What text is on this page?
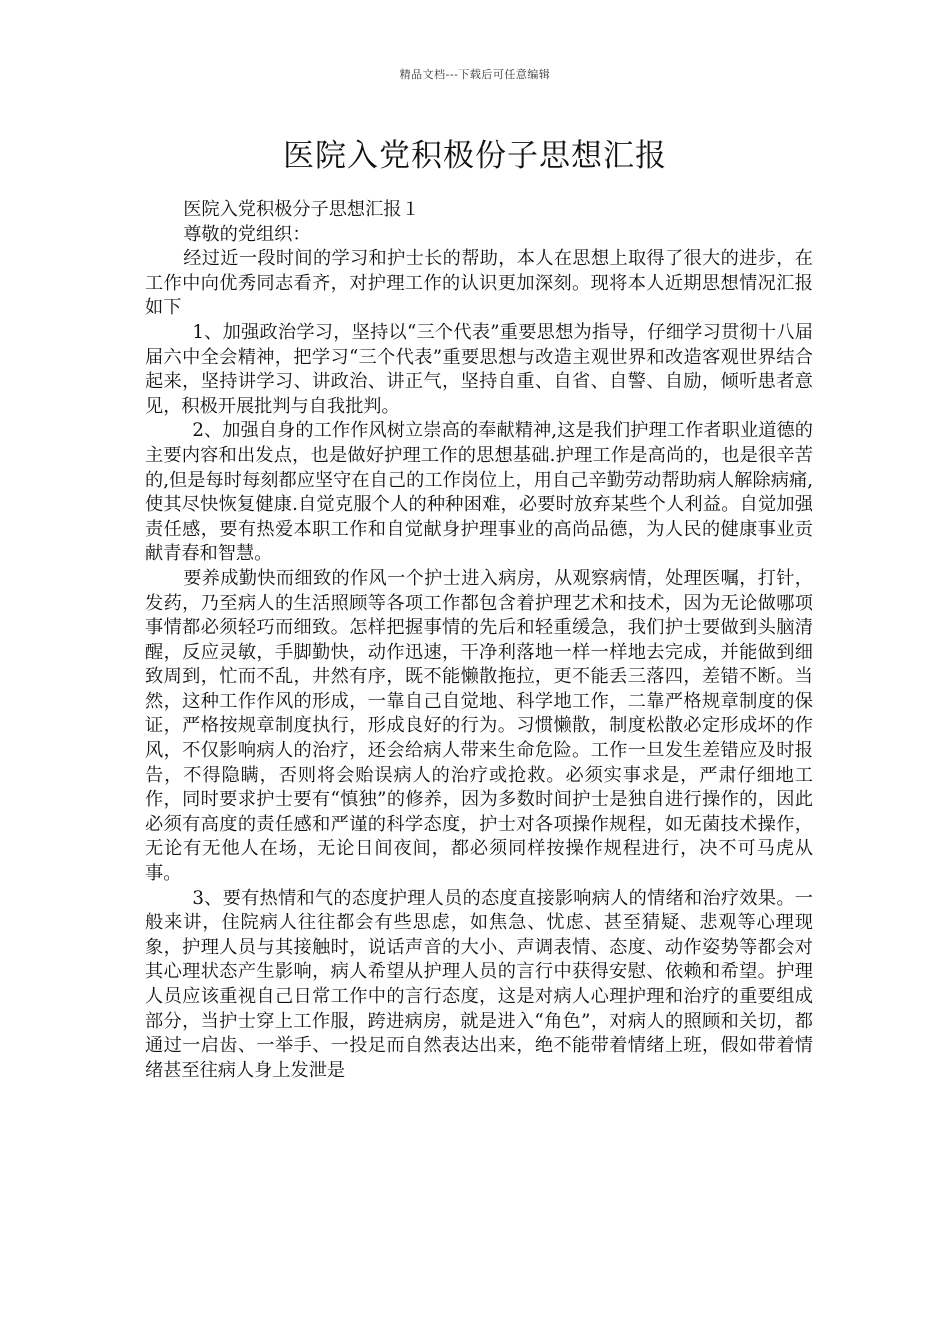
精品文档---下载后可任意编辑
医院入党积极份子思想汇报

医院入党积极分子思想汇报１

尊敬的党组织：

经过近一段时间的学习和护士长的帮助，本人在思想上取得了很大的进步，在工作中向优秀同志看齐，对护理工作的认识更加深刻。现将本人近期思想情况汇报如下

1、加强政治学习，坚持以“三个代表”重要思想为指导，仔细学习贯彻十八届届六中全会精神，把学习“三个代表”重要思想与改造主观世界和改造客观世界结合起来，坚持讲学习、讲政治、讲正气，坚持自重、自省、自警、自励，倾听患者意见，积极开展批判与自我批判。

2、加强自身的工作作风树立崇高的奉献精神,这是我们护理工作者职业道德的主要内容和出发点，也是做好护理工作的思想基础.护理工作是高尚的，也是很辛苦的,但是每时每刻都应坚守在自己的工作岗位上，用自己辛勤劳动帮助病人解除病痛,使其尽快恢复健康.自觉克服个人的种种困难，必要时放弃某些个人利益。自觉加强责任感，要有热爱本职工作和自觉献身护理事业的高尚品德，为人民的健康事业贡献青春和智慧。

要养成勤快而细致的作风一个护士进入病房，从观察病情，处理医嘱，打针，发药，乃至病人的生活照顾等各项工作都包含着护理艺术和技术，因为无论做哪项事情都必须轻巧而细致。怎样把握事情的先后和轻重缓急，我们护士要做到头脑清醒，反应灵敏，手脚勤快，动作迅速，干净利落地一样一样地去完成，并能做到细致周到，忙而不乱，井然有序，既不能懒散拖拉，更不能丢三落四，差错不断。当然，这种工作作风的形成，一靠自己自觉地、科学地工作，二靠严格规章制度的保证，严格按规章制度执行，形成良好的行为。习惯懒散，制度松散必定形成坏的作风，不仅影响病人的治疗，还会给病人带来生命危险。工作一旦发生差错应及时报告，不得隐瞒，否则将会贻误病人的治疗或抢救。必须实事求是，严肃仔细地工作，同时要求护士要有“慎独”的修养，因为多数时间护士是独自进行操作的，因此必须有高度的责任感和严谨的科学态度，护士对各项操作规程，如无菌技术操作，无论有无他人在场，无论日间夜间，都必须同样按操作规程进行，决不可马虎从事。

3、要有热情和气的态度护理人员的态度直接影响病人的情绪和治疗效果。一般来讲，住院病人往往都会有些思虑，如焦急、忧虑、甚至猜疑、悲观等心理现象，护理人员与其接触时，说话声音的大小、声调表情、态度、动作姿势等都会对其心理状态产生影响，病人希望从护理人员的言行中获得安慰、依赖和希望。护理人员应该重视自己日常工作中的言行态度，这是对病人心理护理和治疗的重要组成部分，当护士穿上工作服，跨进病房，就是进入“角色”，对病人的照顾和关切，都通过一启齿、一举手、一投足而自然表达出来，绝不能带着情绪上班，假如带着情绪甚至往病人身上发泄是
